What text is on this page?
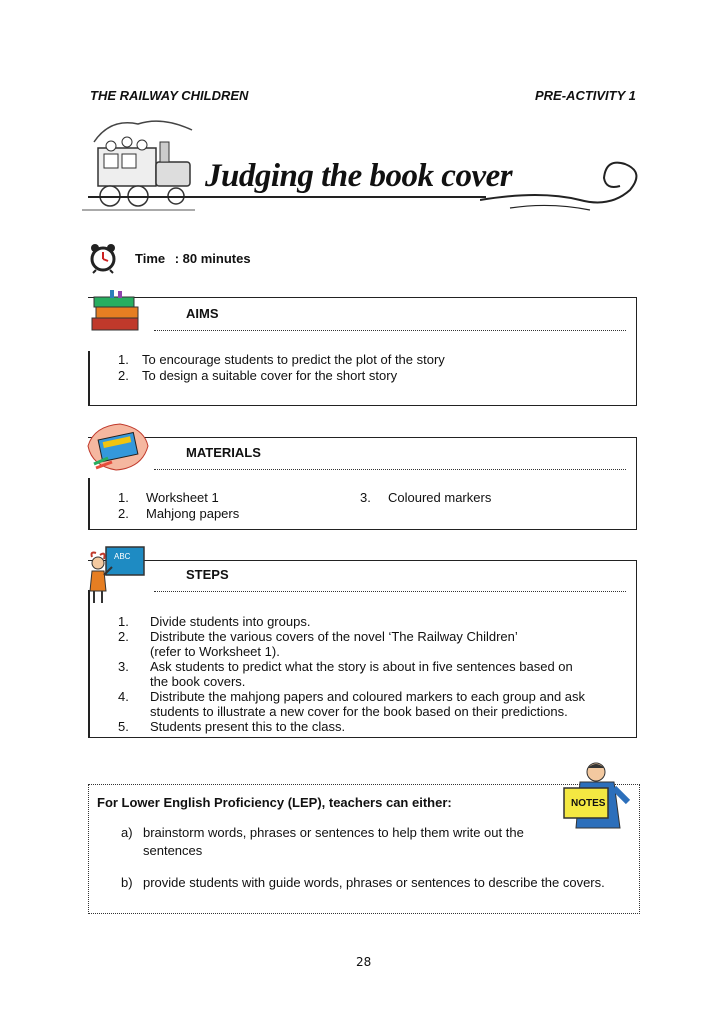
THE RAILWAY CHILDREN	PRE-ACTIVITY 1
Judging the book cover
Time : 80 minutes
AIMS
1. To encourage students to predict the plot of the story
2. To design a suitable cover for the short story
MATERIALS
1. Worksheet 1
2. Mahjong papers
3. Coloured markers
STEPS
1. Divide students into groups.
2. Distribute the various covers of the novel ‘The Railway Children’
(refer to Worksheet 1).
3. Ask students to predict what the story is about in five sentences based on
the book covers.
4. Distribute the mahjong papers and coloured markers to each group and ask
students to illustrate a new cover for the book based on their predictions.
5. Students present this to the class.
ABC
For Lower English Proficiency (LEP), teachers can either:
a) brainstorm words, phrases or sentences to help them write out the
sentences
b) provide students with guide words, phrases or sentences to describe the covers.
NOTES
28
